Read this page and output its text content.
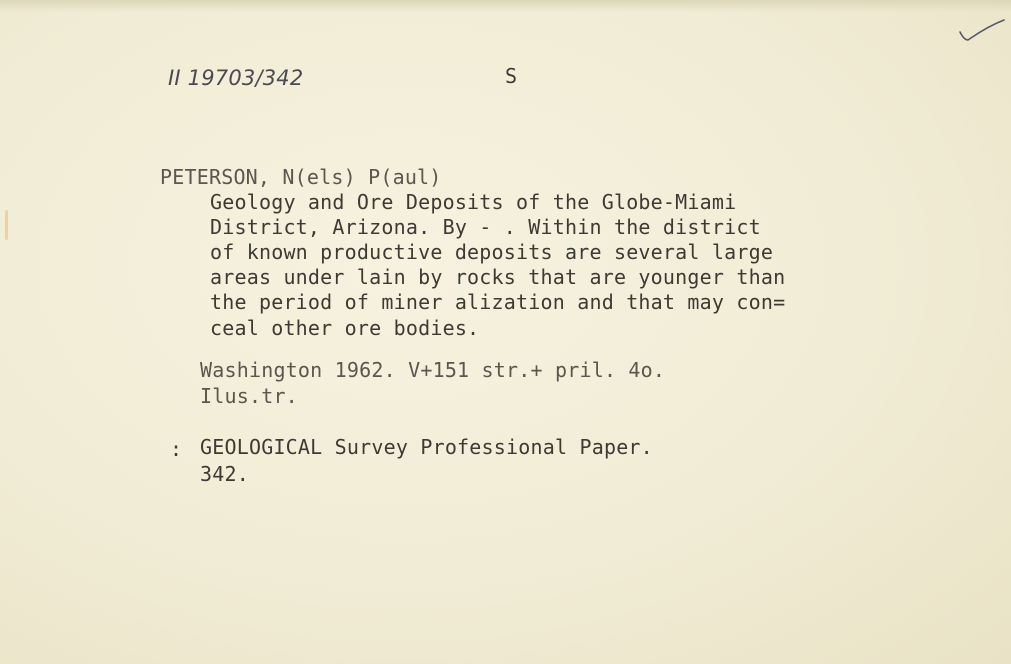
II 19703/342	S
PETERSON, N(els) P(aul)
Geology and Ore Deposits of the Globe-Miami
District, Arizona. By - . Within the district
of known productive deposits are several large
areas under lain by rocks that are younger than
the period of miner alization and that may con=
ceal other ore bodies.
Washington 1962. V+151 str.+ pril. 4o.
Ilus.tr.
: GEOLOGICAL Survey Professional Paper.
342.
